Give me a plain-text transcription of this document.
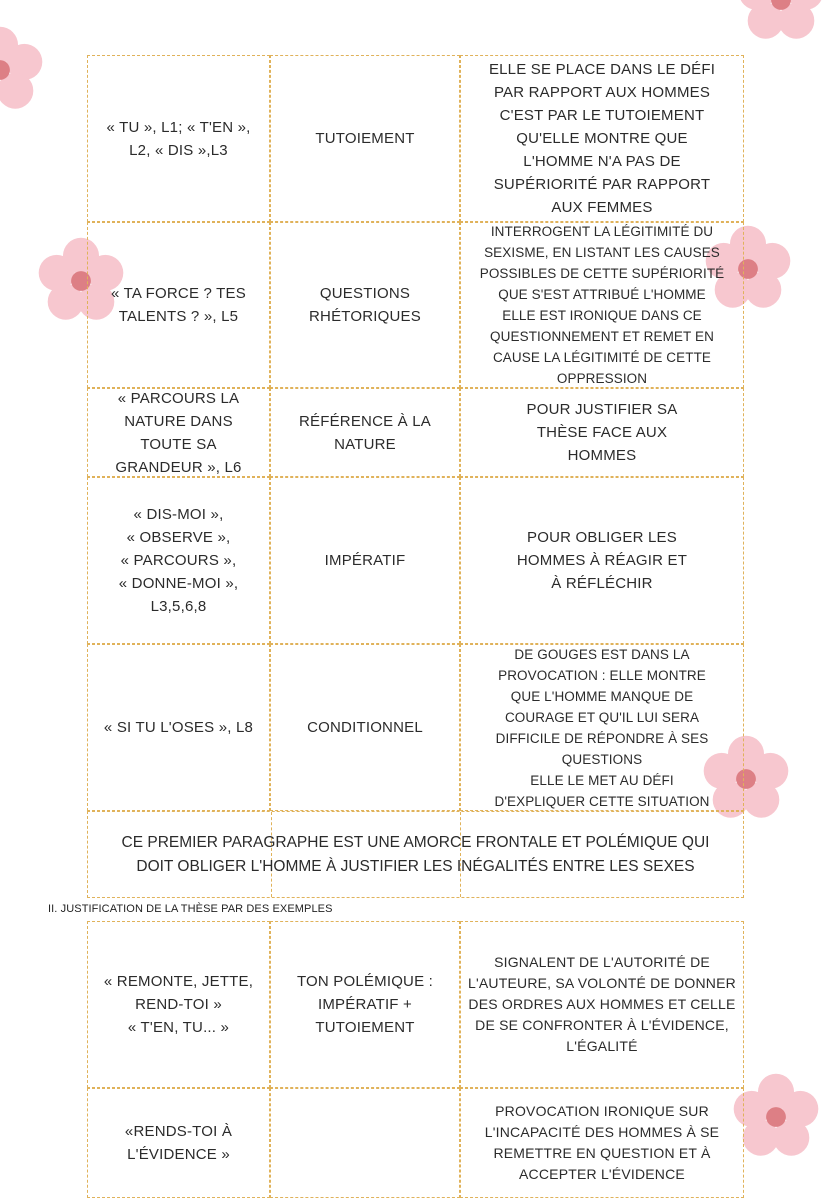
« TU », L1; « T'EN »,
L2, « DIS »,L3
TUTOIEMENT
ELLE SE PLACE DANS LE DÉFI
PAR RAPPORT AUX HOMMES
C'EST PAR LE TUTOIEMENT
QU'ELLE MONTRE QUE
L'HOMME N'A PAS DE
SUPÉRIORITÉ PAR RAPPORT
AUX FEMMES
« TA FORCE ? TES
TALENTS ? », L5
QUESTIONS
RHÉTORIQUES
INTERROGENT LA LÉGITIMITÉ DU
SEXISME, EN LISTANT LES CAUSES
POSSIBLES DE CETTE SUPÉRIORITÉ
QUE S'EST ATTRIBUÉ L'HOMME
ELLE EST IRONIQUE DANS CE
QUESTIONNEMENT ET REMET EN
CAUSE LA LÉGITIMITÉ DE CETTE
OPPRESSION
« PARCOURS LA
NATURE DANS
TOUTE SA
GRANDEUR », L6
RÉFÉRENCE À LA
NATURE
POUR JUSTIFIER SA
THÈSE FACE AUX
HOMMES
« DIS-MOI »,
« OBSERVE »,
« PARCOURS »,
« DONNE-MOI »,
L3,5,6,8
IMPÉRATIF
POUR OBLIGER LES
HOMMES À RÉAGIR ET
À RÉFLÉCHIR
« SI TU L'OSES », L8	CONDITIONNEL
DE GOUGES EST DANS LA
PROVOCATION : ELLE MONTRE
QUE L'HOMME MANQUE DE
COURAGE ET QU'IL LUI SERA
DIFFICILE DE RÉPONDRE À SES
QUESTIONS
ELLE LE MET AU DÉFI
D'EXPLIQUER CETTE SITUATION
CE PREMIER PARAGRAPHE EST UNE AMORCE FRONTALE ET POLÉMIQUE QUI
DOIT OBLIGER L'HOMME À JUSTIFIER LES INÉGALITÉS ENTRE LES SEXES
II. JUSTIFICATION DE LA THÈSE PAR DES EXEMPLES
« REMONTE, JETTE,
REND-TOI »
« T'EN, TU... »
TON POLÉMIQUE :
IMPÉRATIF +
TUTOIEMENT
SIGNALENT DE L'AUTORITÉ DE
L'AUTEURE, SA VOLONTÉ DE DONNER
DES ORDRES AUX HOMMES ET CELLE
DE SE CONFRONTER À L'ÉVIDENCE,
L'ÉGALITÉ
«RENDS-TOI À
L'ÉVIDENCE »
PROVOCATION IRONIQUE SUR
L'INCAPACITÉ DES HOMMES À SE
REMETTRE EN QUESTION ET À
ACCEPTER L'ÉVIDENCE
